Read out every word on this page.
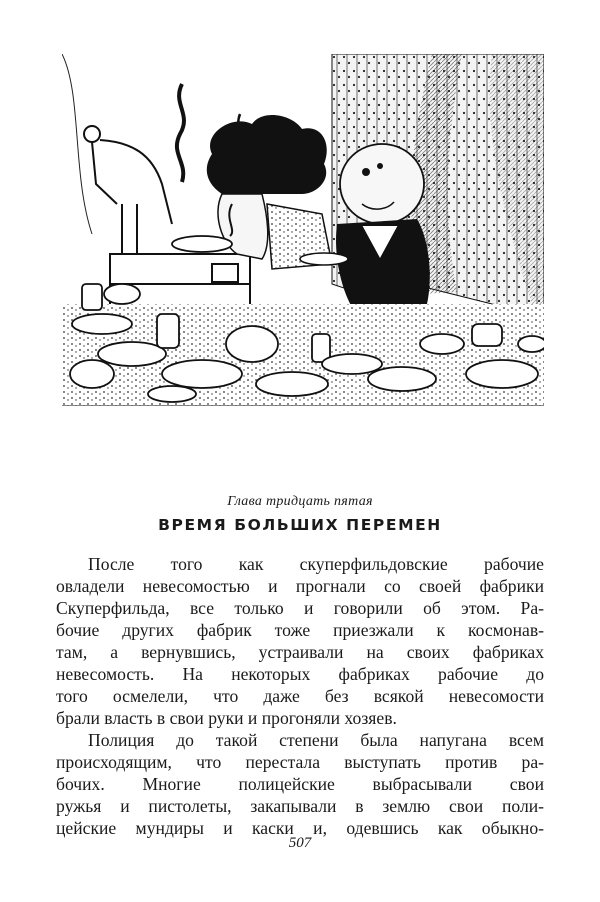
Глава тридцать пятая
ВРЕМЯ БОЛЬШИХ ПЕРЕМЕН
После того как скуперфильдовские рабочие
овладели невесомостью и прогнали со своей фабрики
Скуперфильда, все только и говорили об этом. Ра-
бочие других фабрик тоже приезжали к космонав-
там, а вернувшись, устраивали на своих фабриках
невесомость. На некоторых фабриках рабочие до
того осмелели, что даже без всякой невесомости
брали власть в свои руки и прогоняли хозяев.
Полиция до такой степени была напугана всем
происходящим, что перестала выступать против ра-
бочих. Многие полицейские выбрасывали свои
ружья и пистолеты, закапывали в землю свои поли-
цейские мундиры и каски и, одевшись как обыкно-
507
